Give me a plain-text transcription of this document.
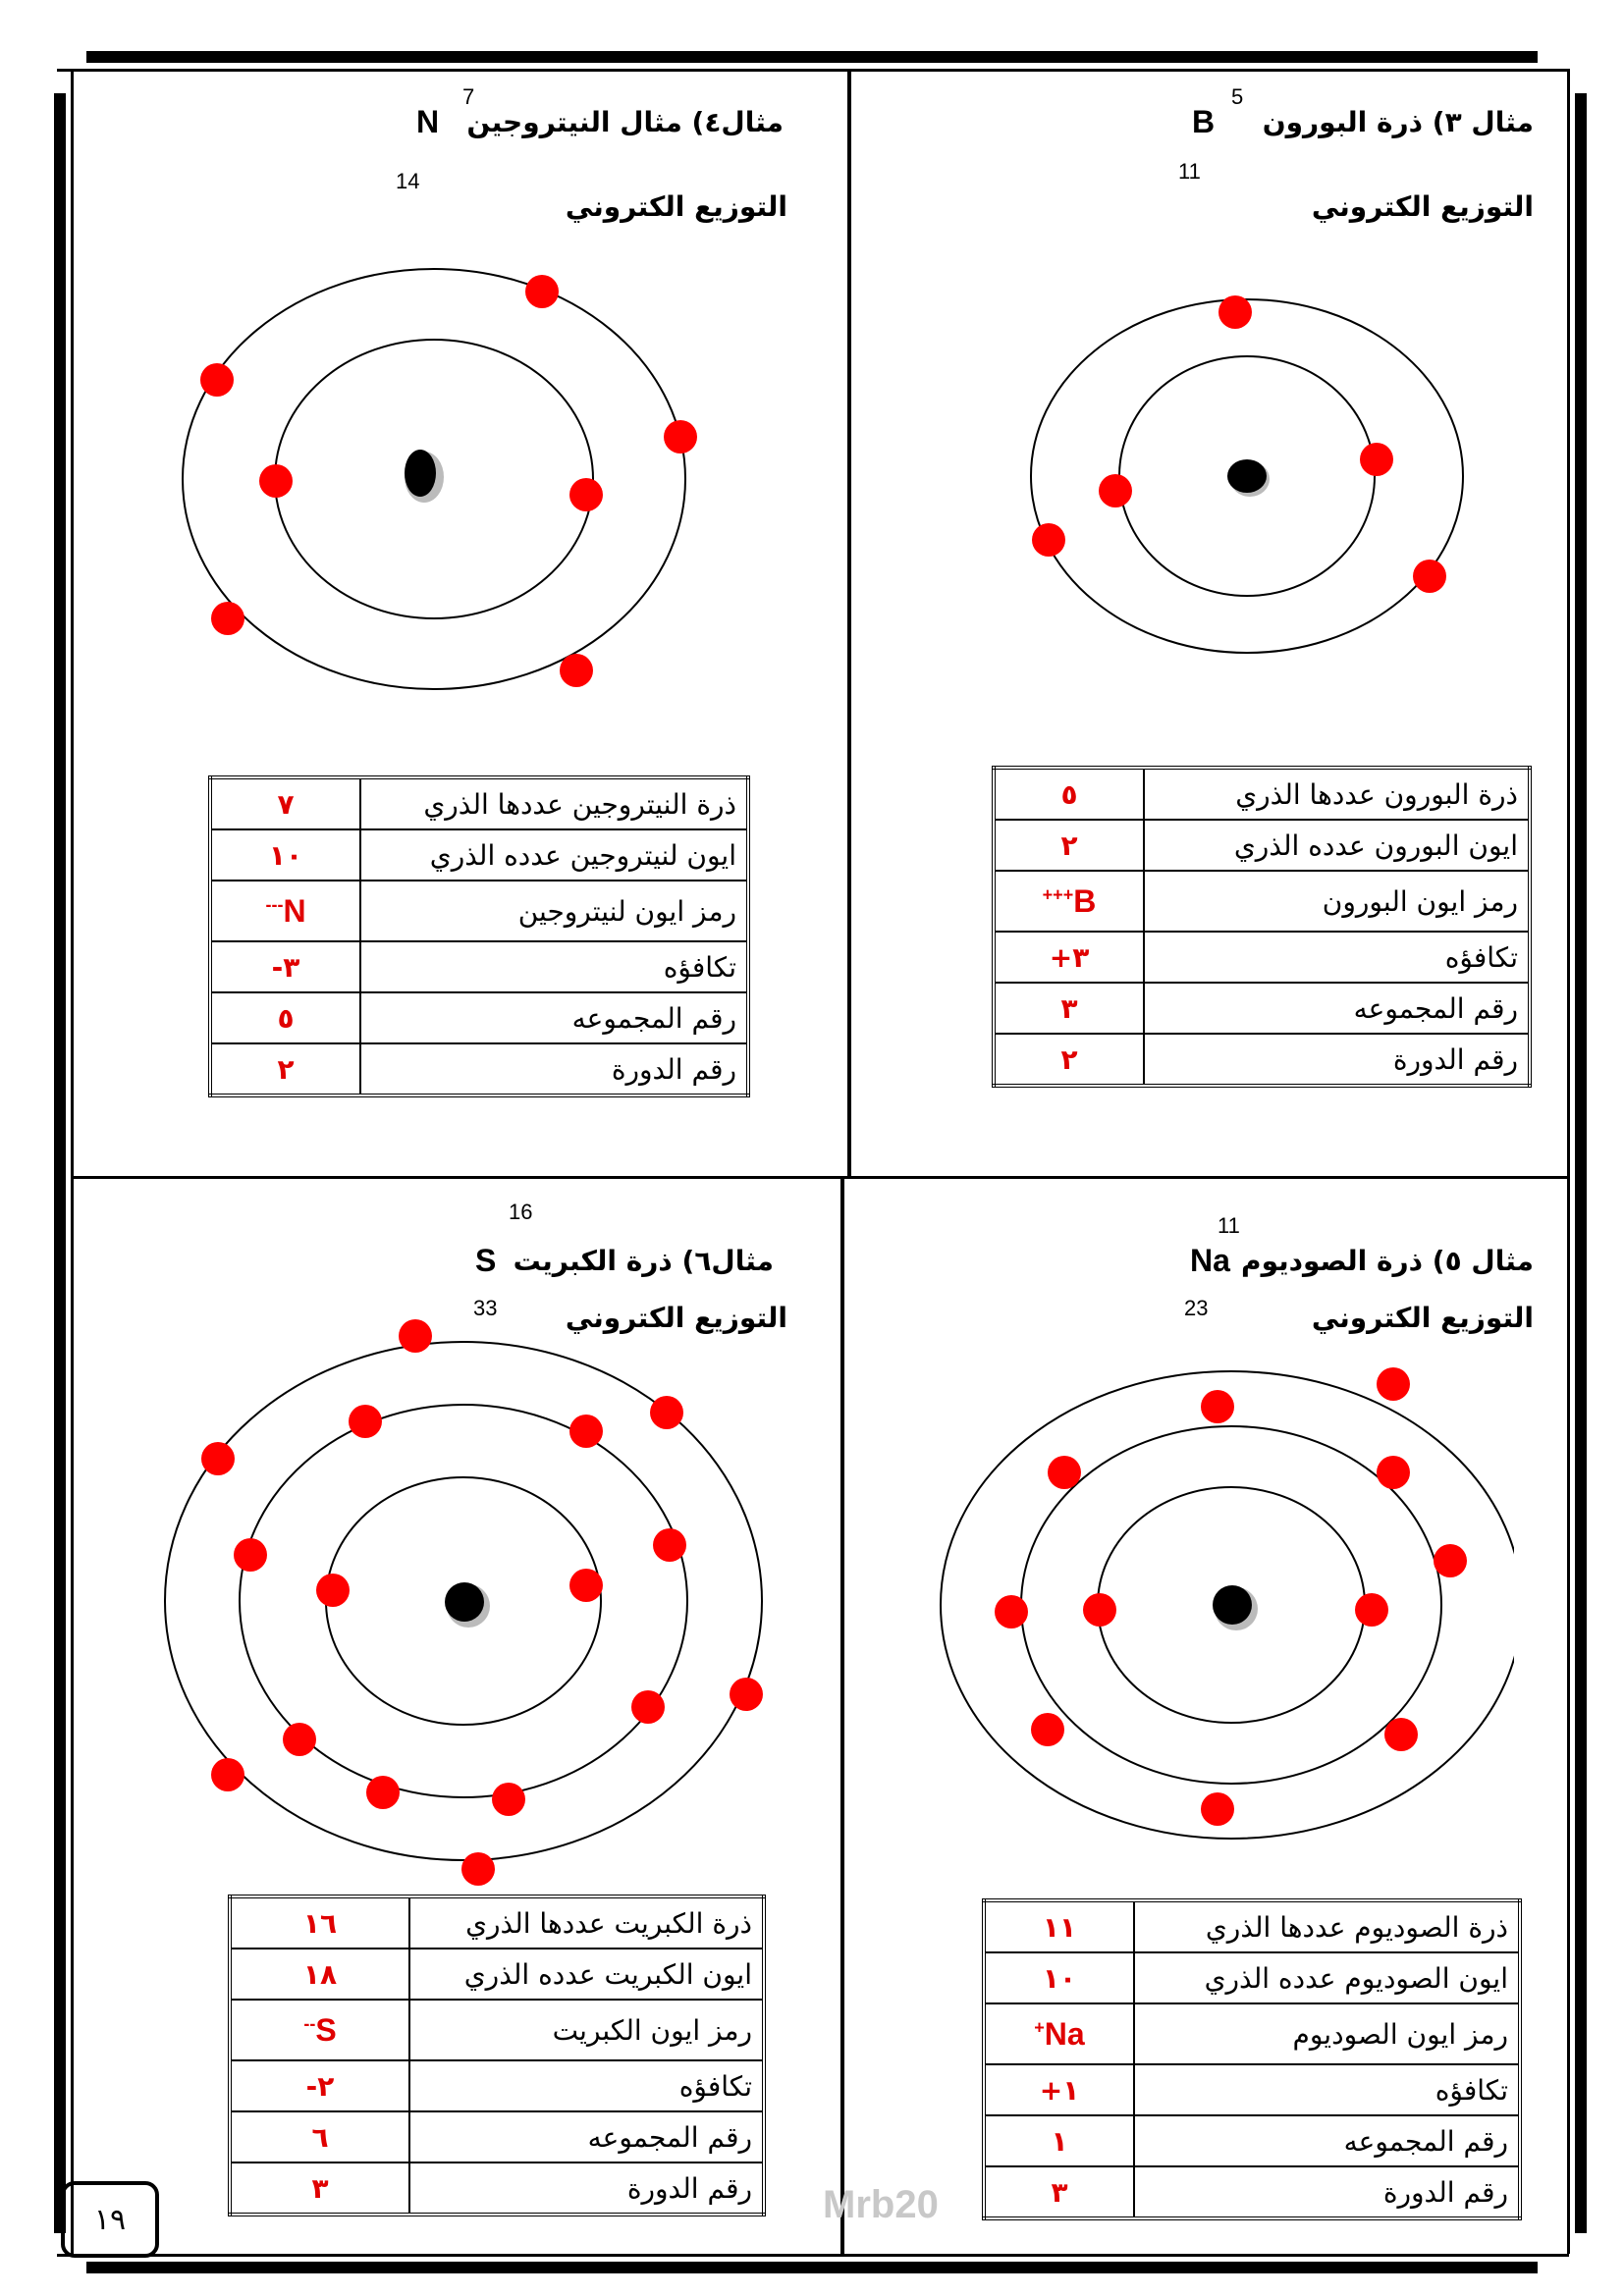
مثال ٣) ذرة البورون
B
5
11
التوزيع الكتروني
٥	ذرة البورون عددها الذري
٢	ايون البورون عدده الذري
B+++	رمز ايون البورون
٣+	تكافؤه
٣	رقم المجموعه
٢	رقم الدورة
مثال٤) مثال النيتروجين
N
7
14
التوزيع الكتروني
٧	ذرة النيتروجين عددها الذري
١٠	ايون لنيتروجين عدده الذري
N---	رمز ايون لنيتروجين
٣-	تكافؤه
٥	رقم المجموعه
٢	رقم الدورة
11
مثال ٥) ذرة الصوديوم
Na
23	التوزيع الكتروني
١١	ذرة الصوديوم عددها الذري
١٠	ايون الصوديوم عدده الذري
Na+	رمز ايون الصوديوم
١+	تكافؤه
١	رقم المجموعه
٣	رقم الدورة
16
مثال٦) ذرة الكبريت
S
33 التوزيع الكتروني
١٦	ذرة الكبريت عددها الذري
١٨	ايون الكبريت عدده الذري
S--	رمز ايون الكبريت
٢-	تكافؤه
٦	رقم المجموعه
٣	رقم الدورة Mrb20
١٩
